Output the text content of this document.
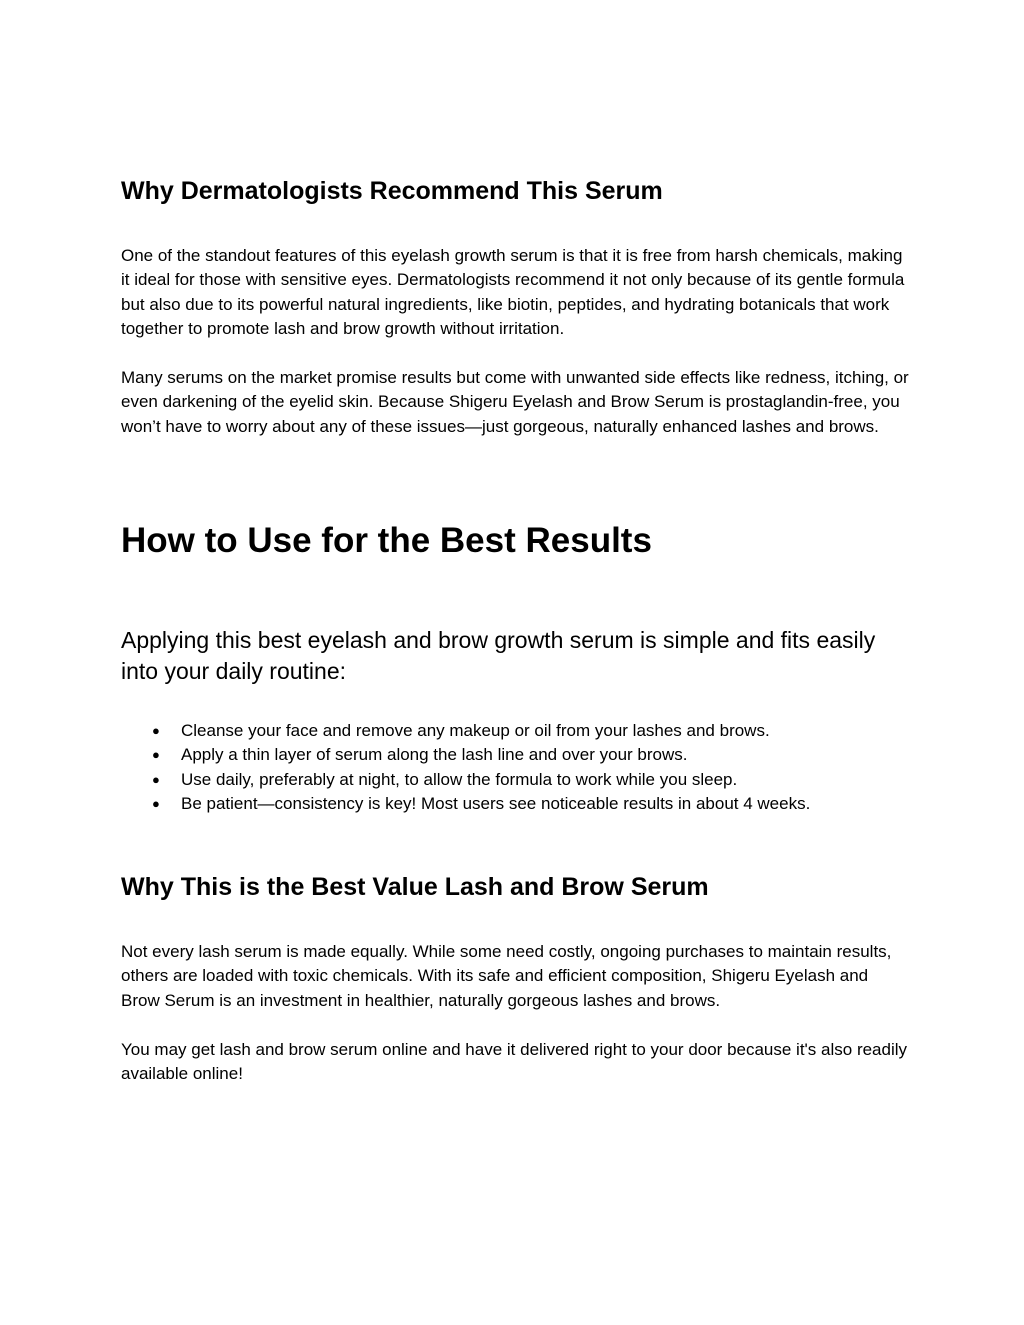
Why Dermatologists Recommend This Serum

One of the standout features of this eyelash growth serum is that it is free from harsh chemicals, making it ideal for those with sensitive eyes. Dermatologists recommend it not only because of its gentle formula but also due to its powerful natural ingredients, like biotin, peptides, and hydrating botanicals that work together to promote lash and brow growth without irritation.

Many serums on the market promise results but come with unwanted side effects like redness, itching, or even darkening of the eyelid skin. Because Shigeru Eyelash and Brow Serum is prostaglandin-free, you won’t have to worry about any of these issues—just gorgeous, naturally enhanced lashes and brows.

How to Use for the Best Results

Applying this best eyelash and brow growth serum is simple and fits easily into your daily routine:

● Cleanse your face and remove any makeup or oil from your lashes and brows.
● Apply a thin layer of serum along the lash line and over your brows.
● Use daily, preferably at night, to allow the formula to work while you sleep.
● Be patient—consistency is key! Most users see noticeable results in about 4 weeks.
Why This is the Best Value Lash and Brow Serum

Not every lash serum is made equally. While some need costly, ongoing purchases to maintain results, others are loaded with toxic chemicals. With its safe and efficient composition, Shigeru Eyelash and Brow Serum is an investment in healthier, naturally gorgeous lashes and brows.

You may get lash and brow serum online and have it delivered right to your door because it's also readily available online!
